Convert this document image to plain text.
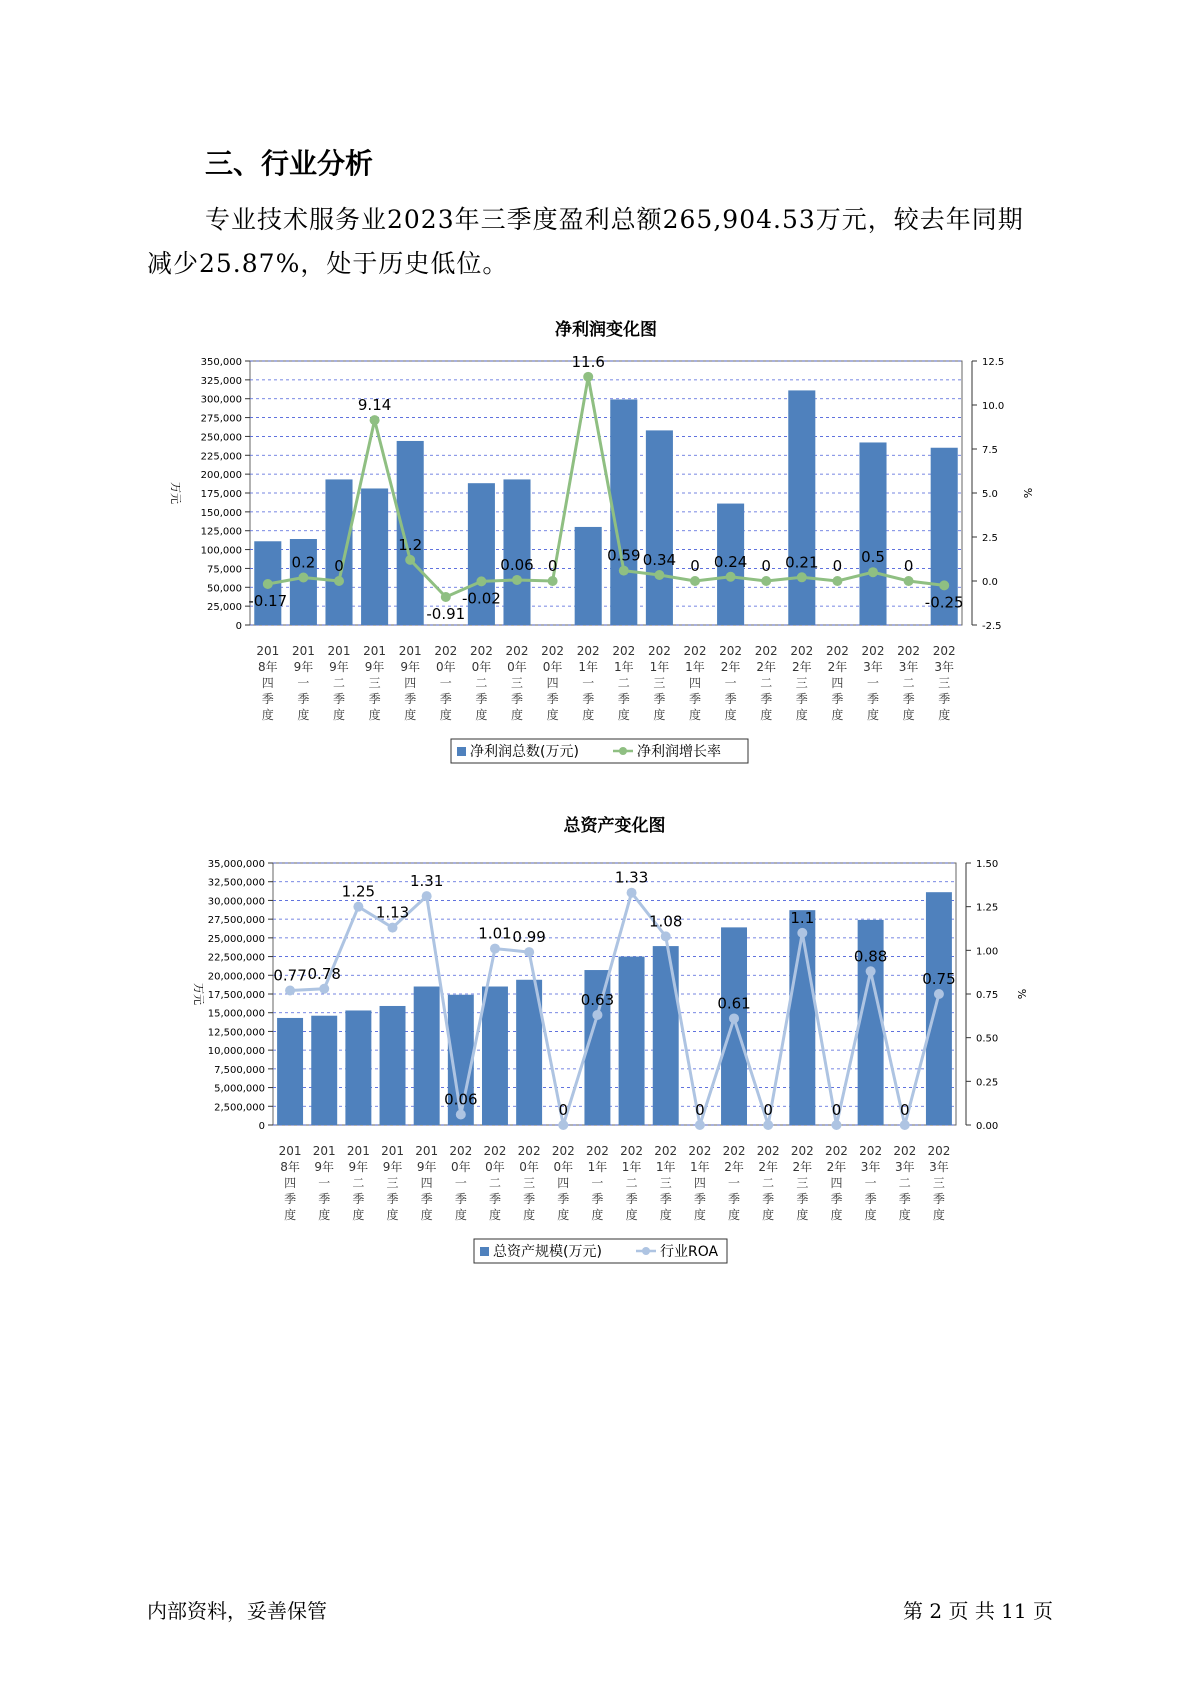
三、行业分析
专业技术服务业2023年三季度盈利总额265,904.53万元，较去年同期减少25.87%，处于历史低位。
净利润变化图
0
25,000
50,000
75,000
100,000
125,000
150,000
175,000
200,000
225,000
250,000
275,000
300,000
325,000
350,000
-2.5
0.0
2.5
5.0
7.5
10.0
12.5
万元	%
-0.17
0.2 0
9.14
1.2
-0.91
-0.02
0.06 0
11.6
0.59 0.34 0 0.24 0 0.21 0 0.5 0
-0.25
201 8年四季度
201 9年一季度
201 9年二季度
201 9年三季度
201 9年四季度
202 0年一季度
202 0年二季度
202 0年三季度
202 0年四季度
202 1年一季度
202 1年二季度
202 1年三季度
202 1年四季度
202 2年一季度
202 2年二季度
202 2年三季度
202 2年四季度
202 3年一季度
202 3年二季度
202 3年三季度
净利润总数(万元)	净利润增长率
总资产变化图
0
2,500,000
5,000,000
7,500,000
10,000,000
12,500,000
15,000,000
17,500,000
20,000,000
22,500,000
25,000,000
27,500,000
30,000,000
32,500,000
35,000,000
0.00
0.25
0.50
0.75
1.00
1.25
1.50
万元	%
0.77 0.78
1.25
1.13
1.31
0.06
1.01 0.99
0
0.63
1.33
1.08
0
0.61
0
1.1
0
0.88
0
0.75
201 8年四季度
201 9年一季度
201 9年二季度
201 9年三季度
201 9年四季度
202 0年一季度
202 0年二季度
202 0年三季度
202 0年四季度
202 1年一季度
202 1年二季度
202 1年三季度
202 1年四季度
202 2年一季度
202 2年二季度
202 2年三季度
202 2年四季度
202 3年一季度
202 3年二季度
202 3年三季度
总资产规模(万元)	行业ROA
内部资料，妥善保管	第 2 页 共 11 页
